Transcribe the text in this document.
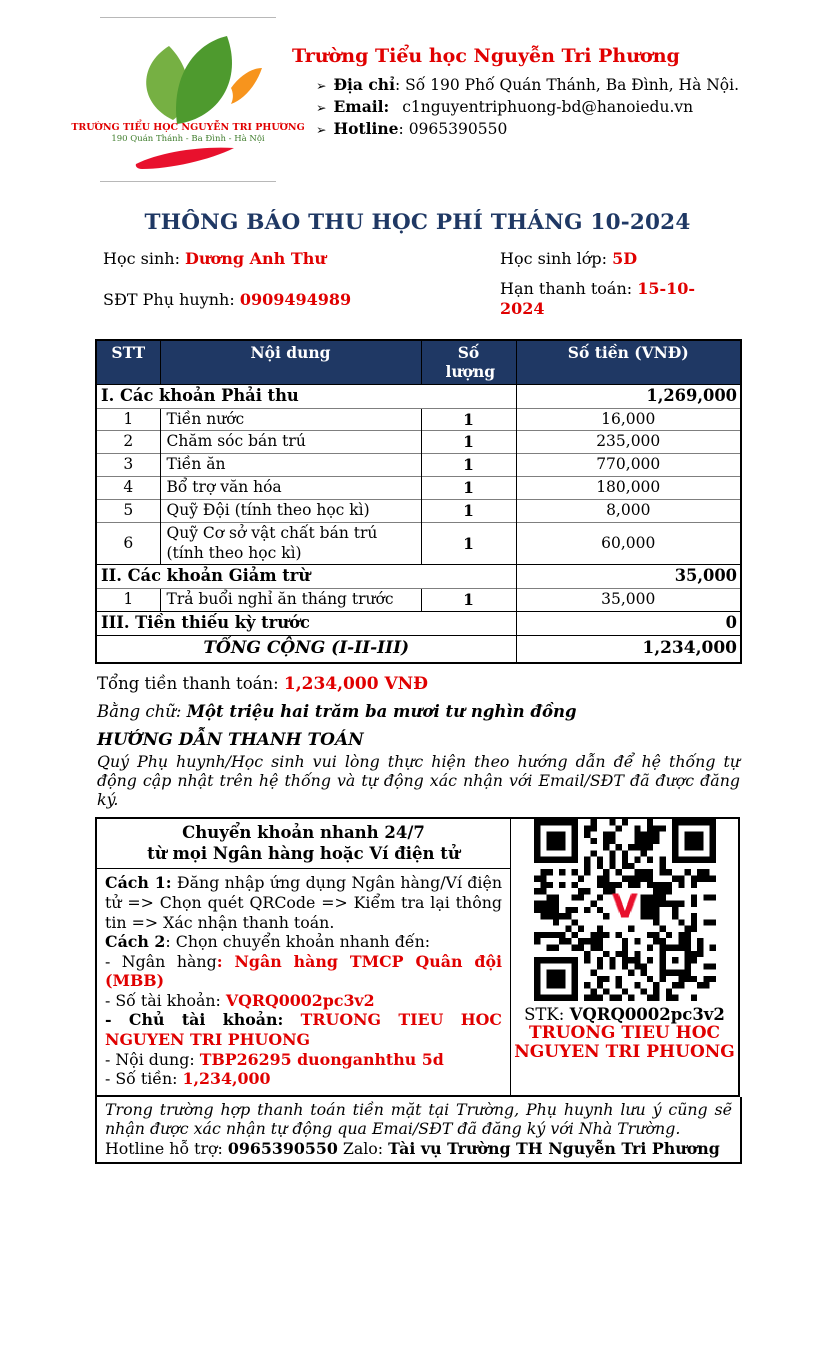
TRƯỜNG TIỂU HỌC NGUYỄN TRI PHƯƠNG
190 Quán Thánh - Ba Đình - Hà Nội
Trường Tiểu học Nguyễn Tri Phương
➢ Địa chỉ: Số 190 Phố Quán Thánh, Ba Đình, Hà Nội.
➢ Email: c1nguyentriphuong-bd@hanoiedu.vn
➢ Hotline: 0965390550
THÔNG BÁO THU HỌC PHÍ THÁNG 10-2024
Học sinh: Dương Anh Thư	Học sinh lớp: 5D
SĐT Phụ huynh: 0909494989
Hạn thanh toán: 15-10-2024
STT	Nội dung	Số lượng	Số tiền (VNĐ)
I. Các khoản Phải thu			1,269,000
1	Tiền nước	1	16,000
2	Chăm sóc bán trú	1	235,000
3	Tiền ăn	1	770,000
4	Bổ trợ văn hóa	1	180,000
5	Quỹ Đội (tính theo học kì)	1	8,000
6	Quỹ Cơ sở vật chất bán trú (tính theo học kì)	1	60,000
II. Các khoản Giảm trừ			35,000
1	Trả buổi nghỉ ăn tháng trước	1	35,000
III. Tiền thiếu kỳ trước			0
TỔNG CỘNG (I-II-III)			1,234,000
Tổng tiền thanh toán: 1,234,000 VNĐ
Bằng chữ: Một triệu hai trăm ba mươi tư nghìn đồng
HƯỚNG DẪN THANH TOÁN
Quý Phụ huynh/Học sinh vui lòng thực hiện theo hướng dẫn để hệ thống tự động cập nhật trên hệ thống và tự động xác nhận với Email/SĐT đã được đăng ký.
Chuyển khoản nhanh 24/7
từ mọi Ngân hàng hoặc Ví điện tử
Cách 1: Đăng nhập ứng dụng Ngân hàng/Ví điện tử => Chọn quét QRCode => Kiểm tra lại thông tin => Xác nhận thanh toán.
Cách 2: Chọn chuyển khoản nhanh đến:
- Ngân hàng: Ngân hàng TMCP Quân đội (MBB)
- Số tài khoản: VQRQ0002pc3v2
- Chủ tài khoản: TRUONG TIEU HOC NGUYEN TRI PHUONG
- Nội dung: TBP26295 duonganhthu 5d
- Số tiền: 1,234,000

STK: VQRQ0002pc3v2
TRUONG TIEU HOC
NGUYEN TRI PHUONG
Trong trường hợp thanh toán tiền mặt tại Trường, Phụ huynh lưu ý cũng sẽ nhận được xác nhận tự động qua Emai/SĐT đã đăng ký với Nhà Trường.
Hotline hỗ trợ: 0965390550 Zalo: Tài vụ Trường TH Nguyễn Tri Phương
